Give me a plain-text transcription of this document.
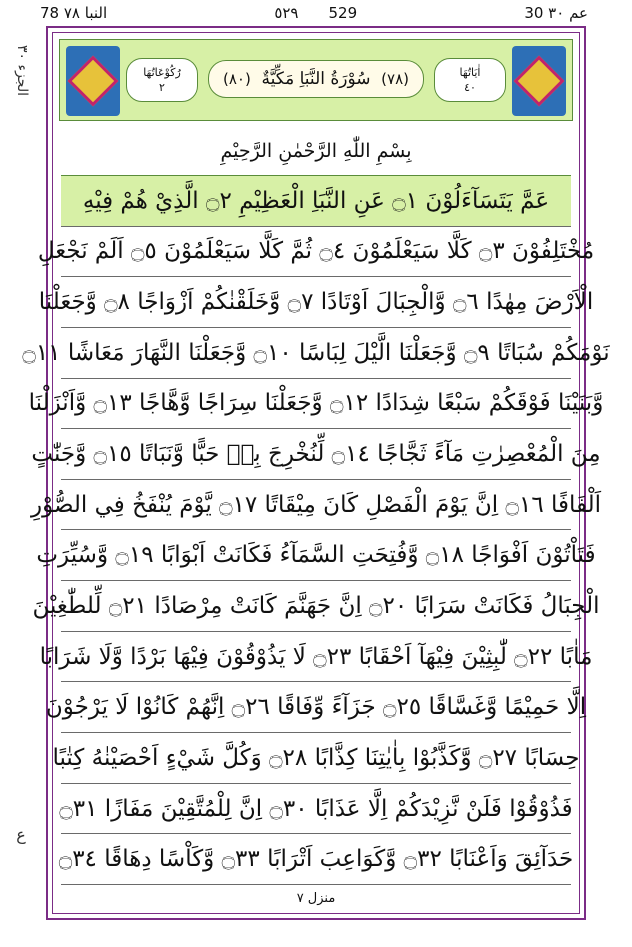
78 النبا ٧٨	٥٢٩ 529	30 عم ٣٠
الجزء ٣٠
ع
رُكُوْعَاتُهَا
٢	(٨٠) سُوْرَةُ النَّبَاِ مَكِّيَّةٌ (٧٨)	اٰيَاتُهَا
٤٠
بِسْمِ اللّٰهِ الرَّحْمٰنِ الرَّحِيْمِ
عَمَّ يَتَسَآءَلُوْنَ ۝١ عَنِ النَّبَاِ الْعَظِيْمِ ۝٢ الَّذِيْ هُمْ فِيْهِ
مُخْتَلِفُوْنَ ۝٣ كَلَّا سَيَعْلَمُوْنَ ۝٤ ثُمَّ كَلَّا سَيَعْلَمُوْنَ ۝٥ اَلَمْ نَجْعَلِ
الْاَرْضَ مِهٰدًا ۝٦ وَّالْجِبَالَ اَوْتَادًا ۝٧ وَّخَلَقْنٰكُمْ اَزْوَاجًا ۝٨ وَّجَعَلْنَا
نَوْمَكُمْ سُبَاتًا ۝٩ وَّجَعَلْنَا الَّيْلَ لِبَاسًا ۝١٠ وَّجَعَلْنَا النَّهَارَ مَعَاشًا ۝١١
وَّبَنَيْنَا فَوْقَكُمْ سَبْعًا شِدَادًا ۝١٢ وَّجَعَلْنَا سِرَاجًا وَّهَّاجًا ۝١٣ وَّاَنْزَلْنَا
مِنَ الْمُعْصِرٰتِ مَآءً ثَجَّاجًا ۝١٤ لِّنُخْرِجَ بِهٖ حَبًّا وَّنَبَاتًا ۝١٥ وَّجَنّٰتٍ
اَلْفَافًا ۝١٦ اِنَّ يَوْمَ الْفَصْلِ كَانَ مِيْقَاتًا ۝١٧ يَّوْمَ يُنْفَخُ فِي الصُّوْرِ
فَتَاْتُوْنَ اَفْوَاجًا ۝١٨ وَّفُتِحَتِ السَّمَآءُ فَكَانَتْ اَبْوَابًا ۝١٩ وَّسُيِّرَتِ
الْجِبَالُ فَكَانَتْ سَرَابًا ۝٢٠ اِنَّ جَهَنَّمَ كَانَتْ مِرْصَادًا ۝٢١ لِّلطّٰغِيْنَ
مَاٰبًا ۝٢٢ لّٰبِثِيْنَ فِيْهَآ اَحْقَابًا ۝٢٣ لَا يَذُوْقُوْنَ فِيْهَا بَرْدًا وَّلَا شَرَابًا
اِلَّا حَمِيْمًا وَّغَسَّاقًا ۝٢٥ جَزَآءً وِّفَاقًا ۝٢٦ اِنَّهُمْ كَانُوْا لَا يَرْجُوْنَ
حِسَابًا ۝٢٧ وَّكَذَّبُوْا بِاٰيٰتِنَا كِذَّابًا ۝٢٨ وَكُلَّ شَيْءٍ اَحْصَيْنٰهُ كِتٰبًا
فَذُوْقُوْا فَلَنْ نَّزِيْدَكُمْ اِلَّا عَذَابًا ۝٣٠ اِنَّ لِلْمُتَّقِيْنَ مَفَازًا ۝٣١
حَدَآئِقَ وَاَعْنَابًا ۝٣٢ وَّكَوَاعِبَ اَتْرَابًا ۝٣٣ وَّكَاْسًا دِهَاقًا ۝٣٤
منزل ٧
